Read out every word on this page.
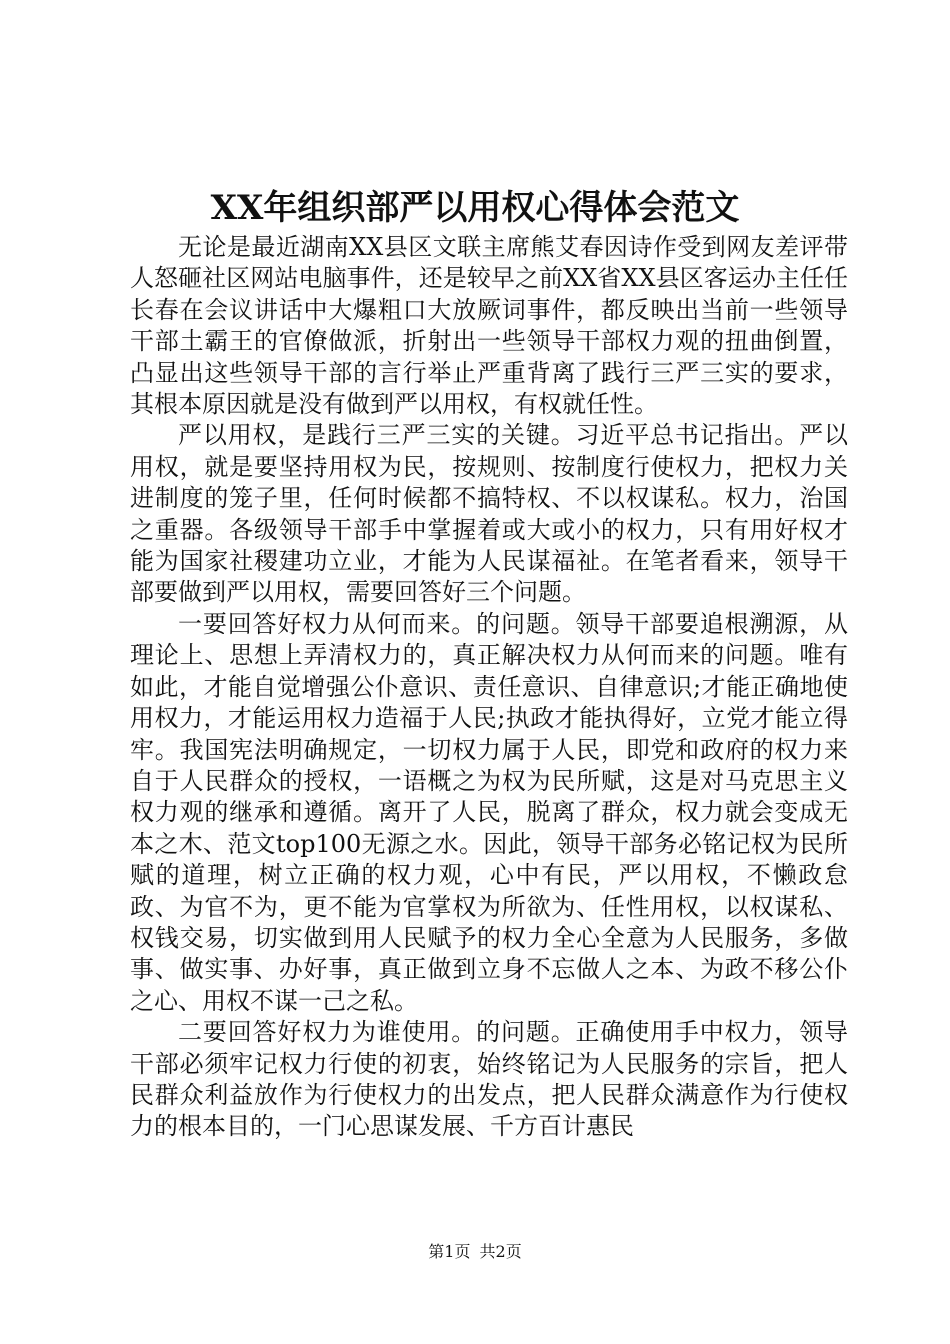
XX年组织部严以用权心得体会范文

无论是最近湖南XX县区文联主席熊艾春因诗作受到网友差评带人怒砸社区网站电脑事件，还是较早之前XX省XX县区客运办主任任长春在会议讲话中大爆粗口大放厥词事件，都反映出当前一些领导干部土霸王的官僚做派，折射出一些领导干部权力观的扭曲倒置，凸显出这些领导干部的言行举止严重背离了践行三严三实的要求，其根本原因就是没有做到严以用权，有权就任性。

严以用权，是践行三严三实的关键。习近平总书记指出。严以用权，就是要坚持用权为民，按规则、按制度行使权力，把权力关进制度的笼子里，任何时候都不搞特权、不以权谋私。权力，治国之重器。各级领导干部手中掌握着或大或小的权力，只有用好权才能为国家社稷建功立业，才能为人民谋福祉。在笔者看来，领导干部要做到严以用权，需要回答好三个问题。

一要回答好权力从何而来。的问题。领导干部要追根溯源，从理论上、思想上弄清权力的，真正解决权力从何而来的问题。唯有如此，才能自觉增强公仆意识、责任意识、自律意识;才能正确地使用权力，才能运用权力造福于人民;执政才能执得好，立党才能立得牢。我国宪法明确规定，一切权力属于人民，即党和政府的权力来自于人民群众的授权，一语概之为权为民所赋，这是对马克思主义权力观的继承和遵循。离开了人民，脱离了群众，权力就会变成无本之木、范文top100无源之水。因此，领导干部务必铭记权为民所赋的道理，树立正确的权力观，心中有民，严以用权，不懒政怠政、为官不为，更不能为官掌权为所欲为、任性用权，以权谋私、权钱交易，切实做到用人民赋予的权力全心全意为人民服务，多做事、做实事、办好事，真正做到立身不忘做人之本、为政不移公仆之心、用权不谋一己之私。

二要回答好权力为谁使用。的问题。正确使用手中权力，领导干部必须牢记权力行使的初衷，始终铭记为人民服务的宗旨，把人民群众利益放作为行使权力的出发点，把人民群众满意作为行使权力的根本目的，一门心思谋发展、千方百计惠民

第1页 共2页
